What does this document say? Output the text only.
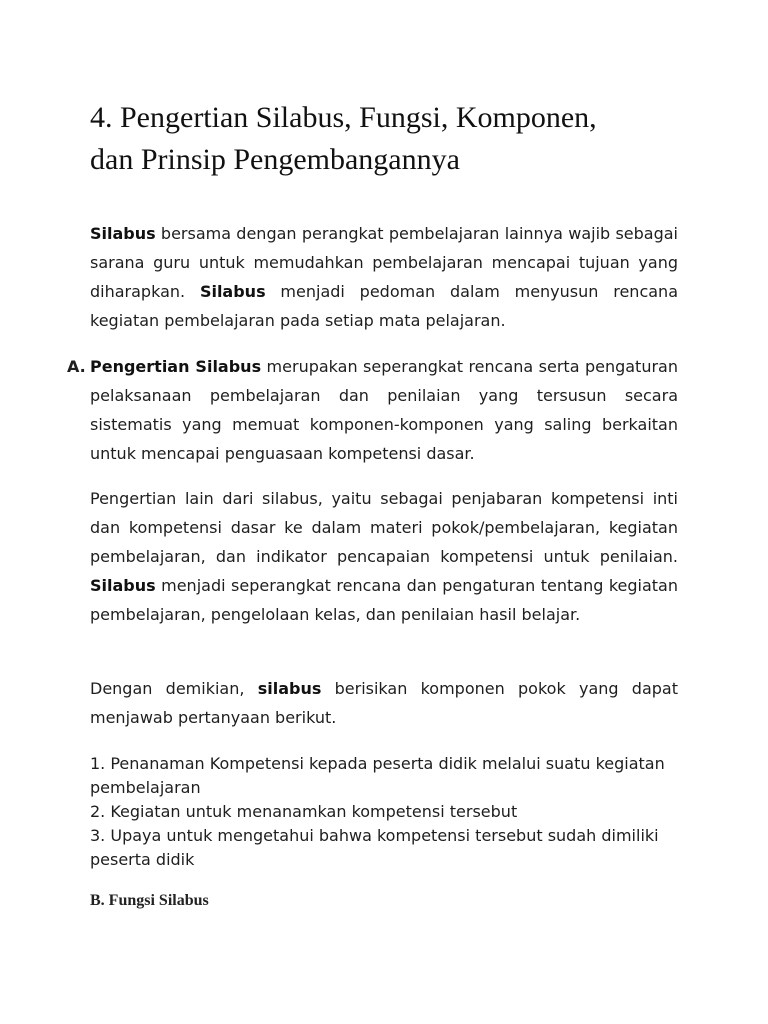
4. Pengertian Silabus, Fungsi, Komponen,
dan Prinsip Pengembangannya

Silabus bersama dengan perangkat pembelajaran lainnya wajib sebagai sarana guru untuk memudahkan pembelajaran mencapai tujuan yang diharapkan. Silabus menjadi pedoman dalam menyusun rencana kegiatan pembelajaran pada setiap mata pelajaran.

A. Pengertian Silabus merupakan seperangkat rencana serta pengaturan pelaksanaan pembelajaran dan penilaian yang tersusun secara sistematis yang memuat komponen-komponen yang saling berkaitan untuk mencapai penguasaan kompetensi dasar.

Pengertian lain dari silabus, yaitu sebagai penjabaran kompetensi inti dan kompetensi dasar ke dalam materi pokok/pembelajaran, kegiatan pembelajaran, dan indikator pencapaian kompetensi untuk penilaian. Silabus menjadi seperangkat rencana dan pengaturan tentang kegiatan pembelajaran, pengelolaan kelas, dan penilaian hasil belajar.

Dengan demikian, silabus berisikan komponen pokok yang dapat menjawab pertanyaan berikut.

1. Penanaman Kompetensi kepada peserta didik melalui suatu kegiatan pembelajaran
2. Kegiatan untuk menanamkan kompetensi tersebut
3. Upaya untuk mengetahui bahwa kompetensi tersebut sudah dimiliki peserta didik
B. Fungsi Silabus
